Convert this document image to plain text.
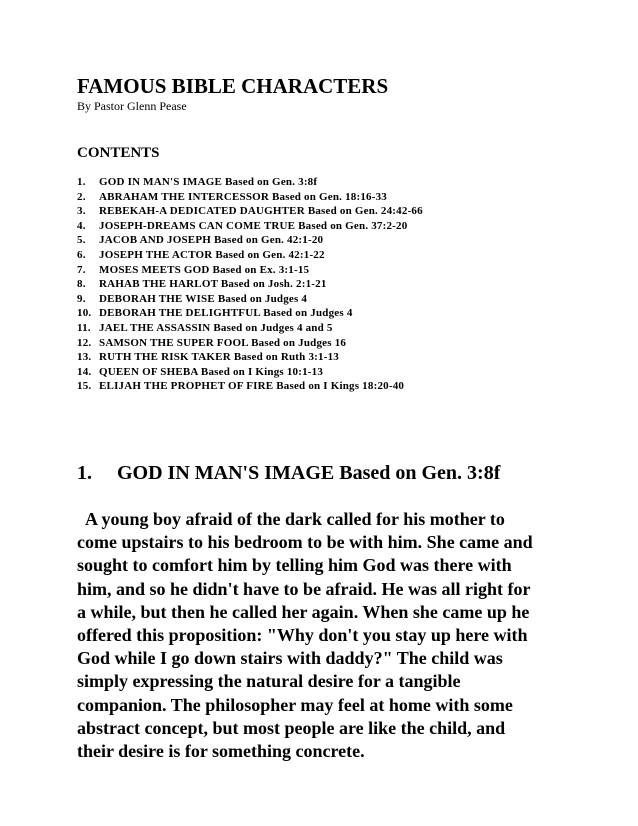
FAMOUS BIBLE CHARACTERS
By Pastor Glenn Pease
CONTENTS
1. GOD IN MAN'S IMAGE Based on Gen. 3:8f
2. ABRAHAM THE INTERCESSOR Based on Gen. 18:16-33
3. REBEKAH-A DEDICATED DAUGHTER Based on Gen. 24:42-66
4. JOSEPH-DREAMS CAN COME TRUE Based on Gen. 37:2-20
5. JACOB AND JOSEPH Based on Gen. 42:1-20
6. JOSEPH THE ACTOR Based on Gen. 42:1-22
7. MOSES MEETS GOD Based on Ex. 3:1-15
8. RAHAB THE HARLOT Based on Josh. 2:1-21
9. DEBORAH THE WISE Based on Judges 4
10. DEBORAH THE DELIGHTFUL Based on Judges 4
11. JAEL THE ASSASSIN Based on Judges 4 and 5
12. SAMSON THE SUPER FOOL Based on Judges 16
13. RUTH THE RISK TAKER Based on Ruth 3:1-13
14. QUEEN OF SHEBA Based on I Kings 10:1-13
15. ELIJAH THE PROPHET OF FIRE Based on I Kings 18:20-40
1. GOD IN MAN'S IMAGE Based on Gen. 3:8f

A young boy afraid of the dark called for his mother to
come upstairs to his bedroom to be with him. She came and
sought to comfort him by telling him God was there with
him, and so he didn't have to be afraid. He was all right for
a while, but then he called her again. When she came up he
offered this proposition: "Why don't you stay up here with
God while I go down stairs with daddy?" The child was
simply expressing the natural desire for a tangible
companion. The philosopher may feel at home with some
abstract concept, but most people are like the child, and
their desire is for something concrete.
